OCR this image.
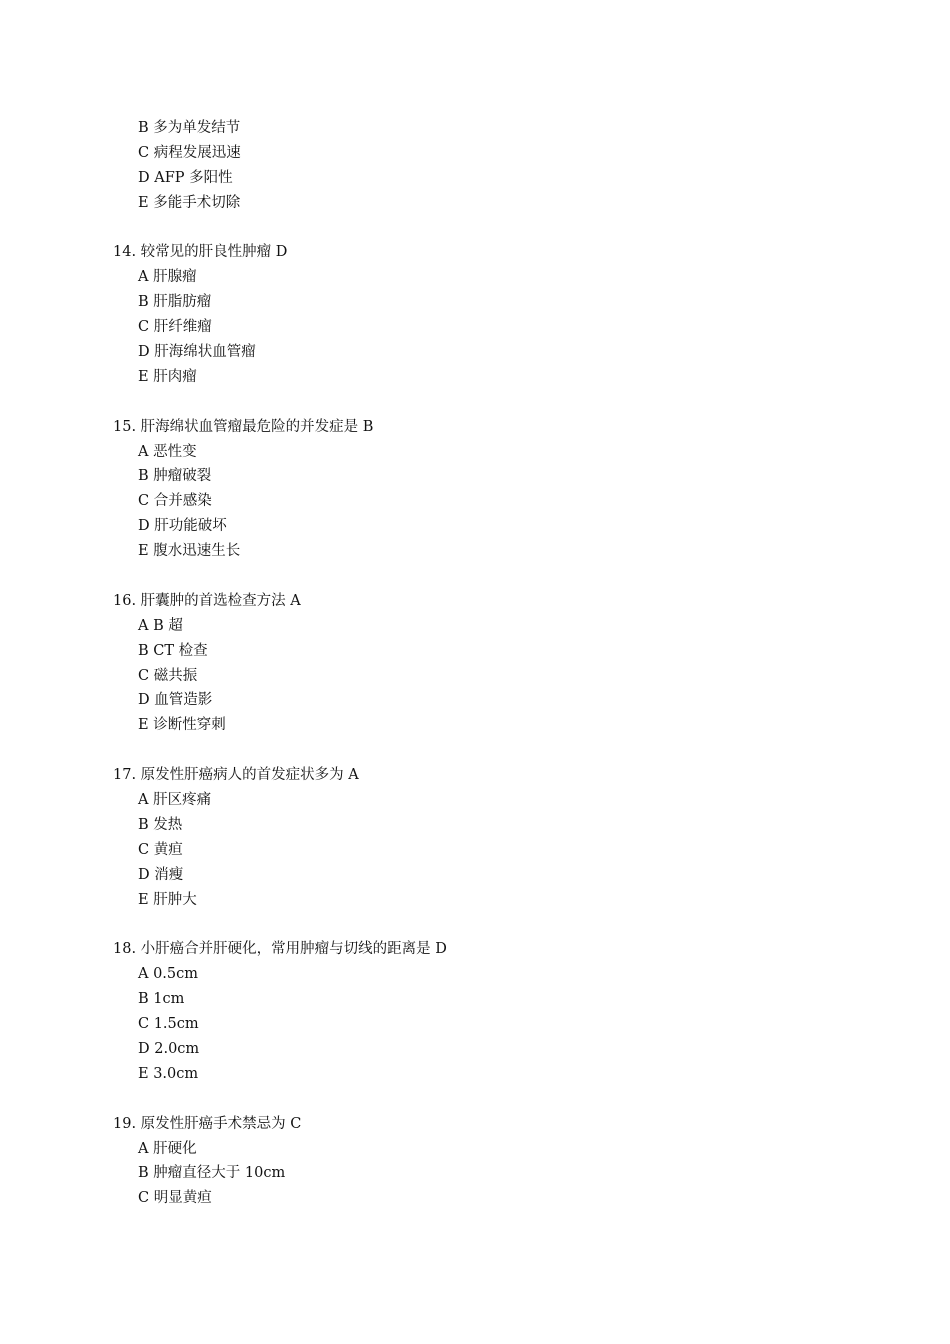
B 多为单发结节
C 病程发展迅速
D AFP 多阳性
E 多能手术切除
14. 较常见的肝良性肿瘤 D
A 肝腺瘤
B 肝脂肪瘤
C 肝纤维瘤
D 肝海绵状血管瘤
E 肝肉瘤
15. 肝海绵状血管瘤最危险的并发症是 B
A 恶性变
B 肿瘤破裂
C 合并感染
D 肝功能破坏
E 腹水迅速生长
16. 肝囊肿的首选检查方法 A
A B 超
B CT 检查
C 磁共振
D 血管造影
E 诊断性穿刺
17. 原发性肝癌病人的首发症状多为 A
A 肝区疼痛
B 发热
C 黄疸
D 消瘦
E 肝肿大
18. 小肝癌合并肝硬化，常用肿瘤与切线的距离是 D
A 0.5cm
B 1cm
C 1.5cm
D 2.0cm
E 3.0cm
19. 原发性肝癌手术禁忌为 C
A 肝硬化
B 肿瘤直径大于 10cm
C 明显黄疸
